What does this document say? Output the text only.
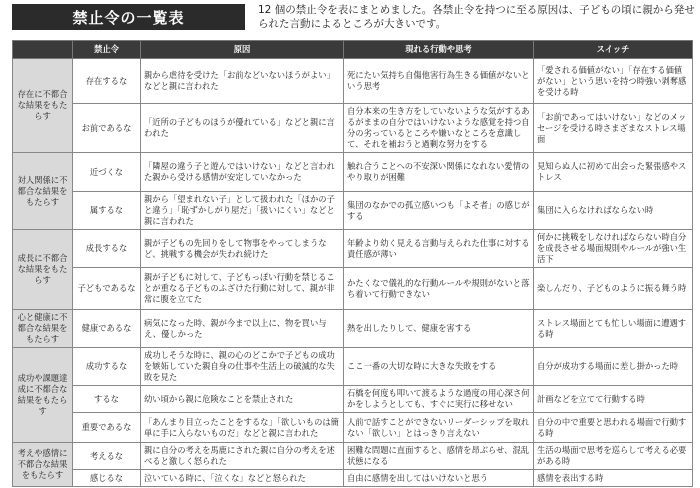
禁止令の一覧表	12 個の禁止令を表にまとめました。各禁止令を持つに至る原因は、子どもの頃に親から発せられた言動によるところが大きいです。
	禁止令	原因	現れる行動や思考	スイッチ
存在に不都合な結果をもたらす	存在するな	親から虐待を受けた「お前などいないほうがよい」などと親に言われた	死にたい気持ち自傷他害行為生きる価値がないという思考	「愛される価値がない」「存在する価値がない」という思いを持つ時強い剥奪感を受ける時
	お前であるな	「近所の子どものほうが優れている」などと親に言われた	自分本来の生き方をしていないような気がするあるがままの自分ではいけないような感覚を持つ自分の劣っているところや嫌いなところを意識して、それを補おうと過剰な努力をする	「お前であってはいけない」などのメッセージを受ける時さまざまなストレス場面
対人関係に不都合な結果をもたらす	近づくな	「隣屋の違う子と遊んではいけない」などと言われた親から受ける感情が安定していなかった	触れ合うことへの不安深い関係になれない愛情のやり取りが困難	見知らぬ人に初めて出会った緊張感やストレス
	属するな	親から「望まれない子」として扱われた「ほかの子と違う」「恥ずかしがり屋だ」「扱いにくい」などと親に言われた	集団のなかでの孤立感いつも「よそ者」の感じがする	集団に入らなければならない時
成長に不都合な結果をもたらす	成長するな	親が子どもの先回りをして物事をやってしまうなど、挑戦する機会が失われ続けた	年齢より幼く見える言動与えられた仕事に対する責任感が薄い	何かに挑戦をしなければならない時自分を成長させる場面規則やルールが強い生活下
	子どもであるな	親が子どもに対して、子どもっぽい行動を禁じることが重なる子どものふざけた行動に対して、親が非常に腹を立てた	かたくなで儀礼的な行動ルールや規則がないと落ち着いて行動できない	楽しんだり、子どものように振る舞う時
心と健康に不都合な結果をもたらす	健康であるな	病気になった時、親が今まで以上に、物を買い与え、優しかった	熱を出したりして、健康を害する	ストレス場面とても忙しい場面に遭遇する時
成功や課題達成に不都合な結果をもたらす	成功するな	成功しそうな時に、親の心のどこかで子どもの成功を嫉妬していた親自身の仕事や生活上の破滅的な失敗を見た	ここ一番の大切な時に大きな失敗をする	自分が成功する場面に差し掛かった時
	するな	幼い頃から親に危険なことを禁止された	石橋を何度も叩いて渡るような過度の用心深さ何かをしようとしても、すぐに実行に移せない	計画などを立てて行動する時
	重要であるな	「あんまり目立ったことをするな」「欲しいものは簡単に手に入らないものだ」などと親に言われた	人前で話すことができないリーダーシップを取れない「欲しい」とはっきり言えない	自分の中で重要と思われる場面で行動する時
考えや感情に不都合な結果をもたらす	考えるな	親に自分の考えを馬鹿にされた親に自分の考えを述べると激しく怒られた	困難な問題に直面すると、感情を昂ぶらせ、混乱状態になる	生活の場面で思考を巡らして考える必要がある時
	感じるな	泣いている時に、「泣くな」などと怒られた	自由に感情を出してはいけないと思う	感情を表出する時
